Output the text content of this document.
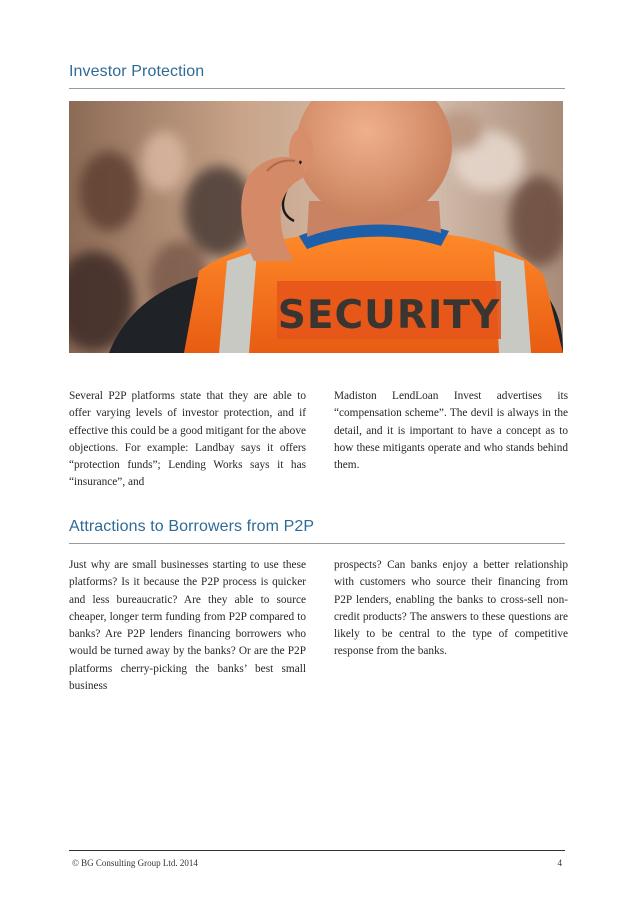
Investor Protection
SECURITY

Several P2P platforms state that they are able to offer varying levels of investor protection, and if effective this could be a good mitigant for the above objections. For example: Landbay says it offers “protection funds”; Lending Works says it has “insurance”, and

Madiston LendLoan Invest advertises its “compensation scheme”. The devil is always in the detail, and it is important to have a concept as to how these mitigants operate and who stands behind them.

Attractions to Borrowers from P2P

Just why are small businesses starting to use these platforms? Is it because the P2P process is quicker and less bureaucratic? Are they able to source cheaper, longer term funding from P2P compared to banks? Are P2P lenders financing borrowers who would be turned away by the banks? Or are the P2P platforms cherry-picking the banks’ best small business

prospects? Can banks enjoy a better relationship with customers who source their financing from P2P lenders, enabling the banks to cross-sell non-credit products? The answers to these questions are likely to be central to the type of competitive response from the banks.

© BG Consulting Group Ltd. 2014	4
